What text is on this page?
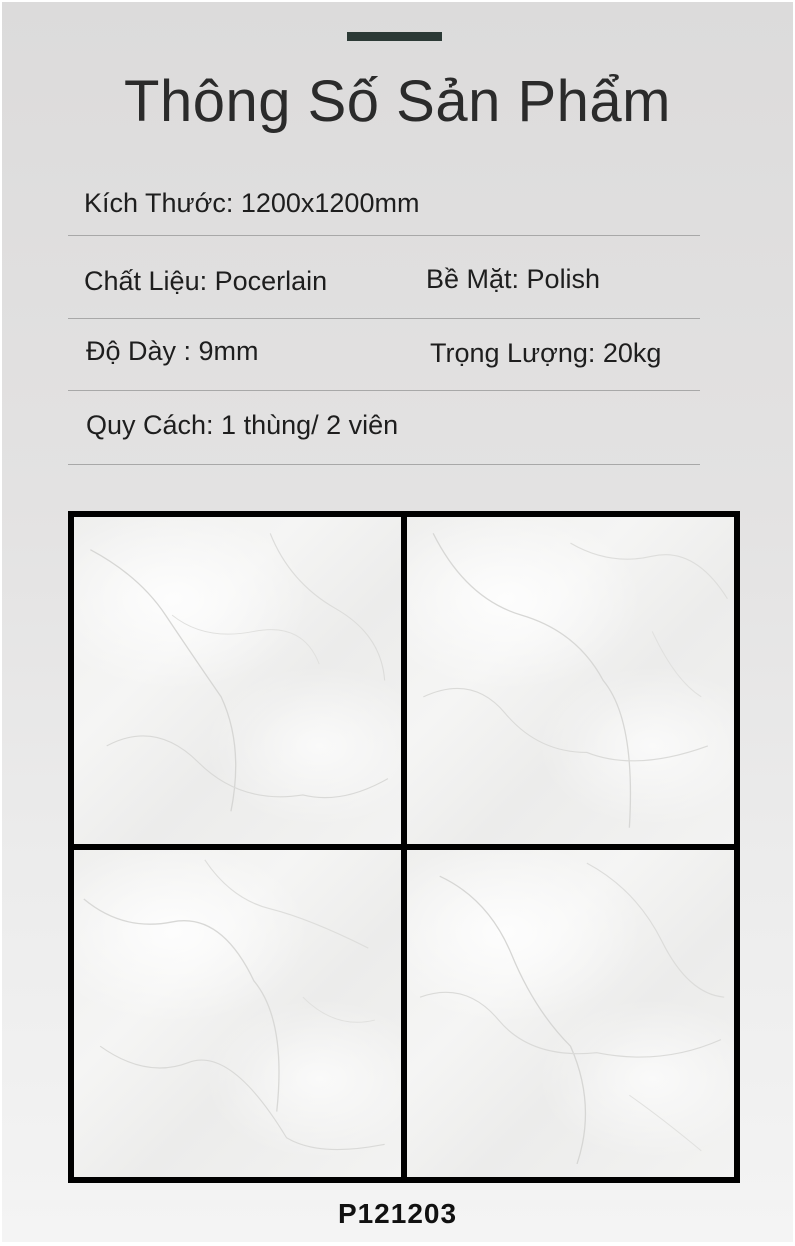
Thông Số Sản Phẩm
Kích Thước: 1200x1200mm
Chất Liệu: Pocerlain	Bề Mặt: Polish
Độ Dày : 9mm	Trọng Lượng: 20kg
Quy Cách: 1 thùng/ 2 viên
P121203
